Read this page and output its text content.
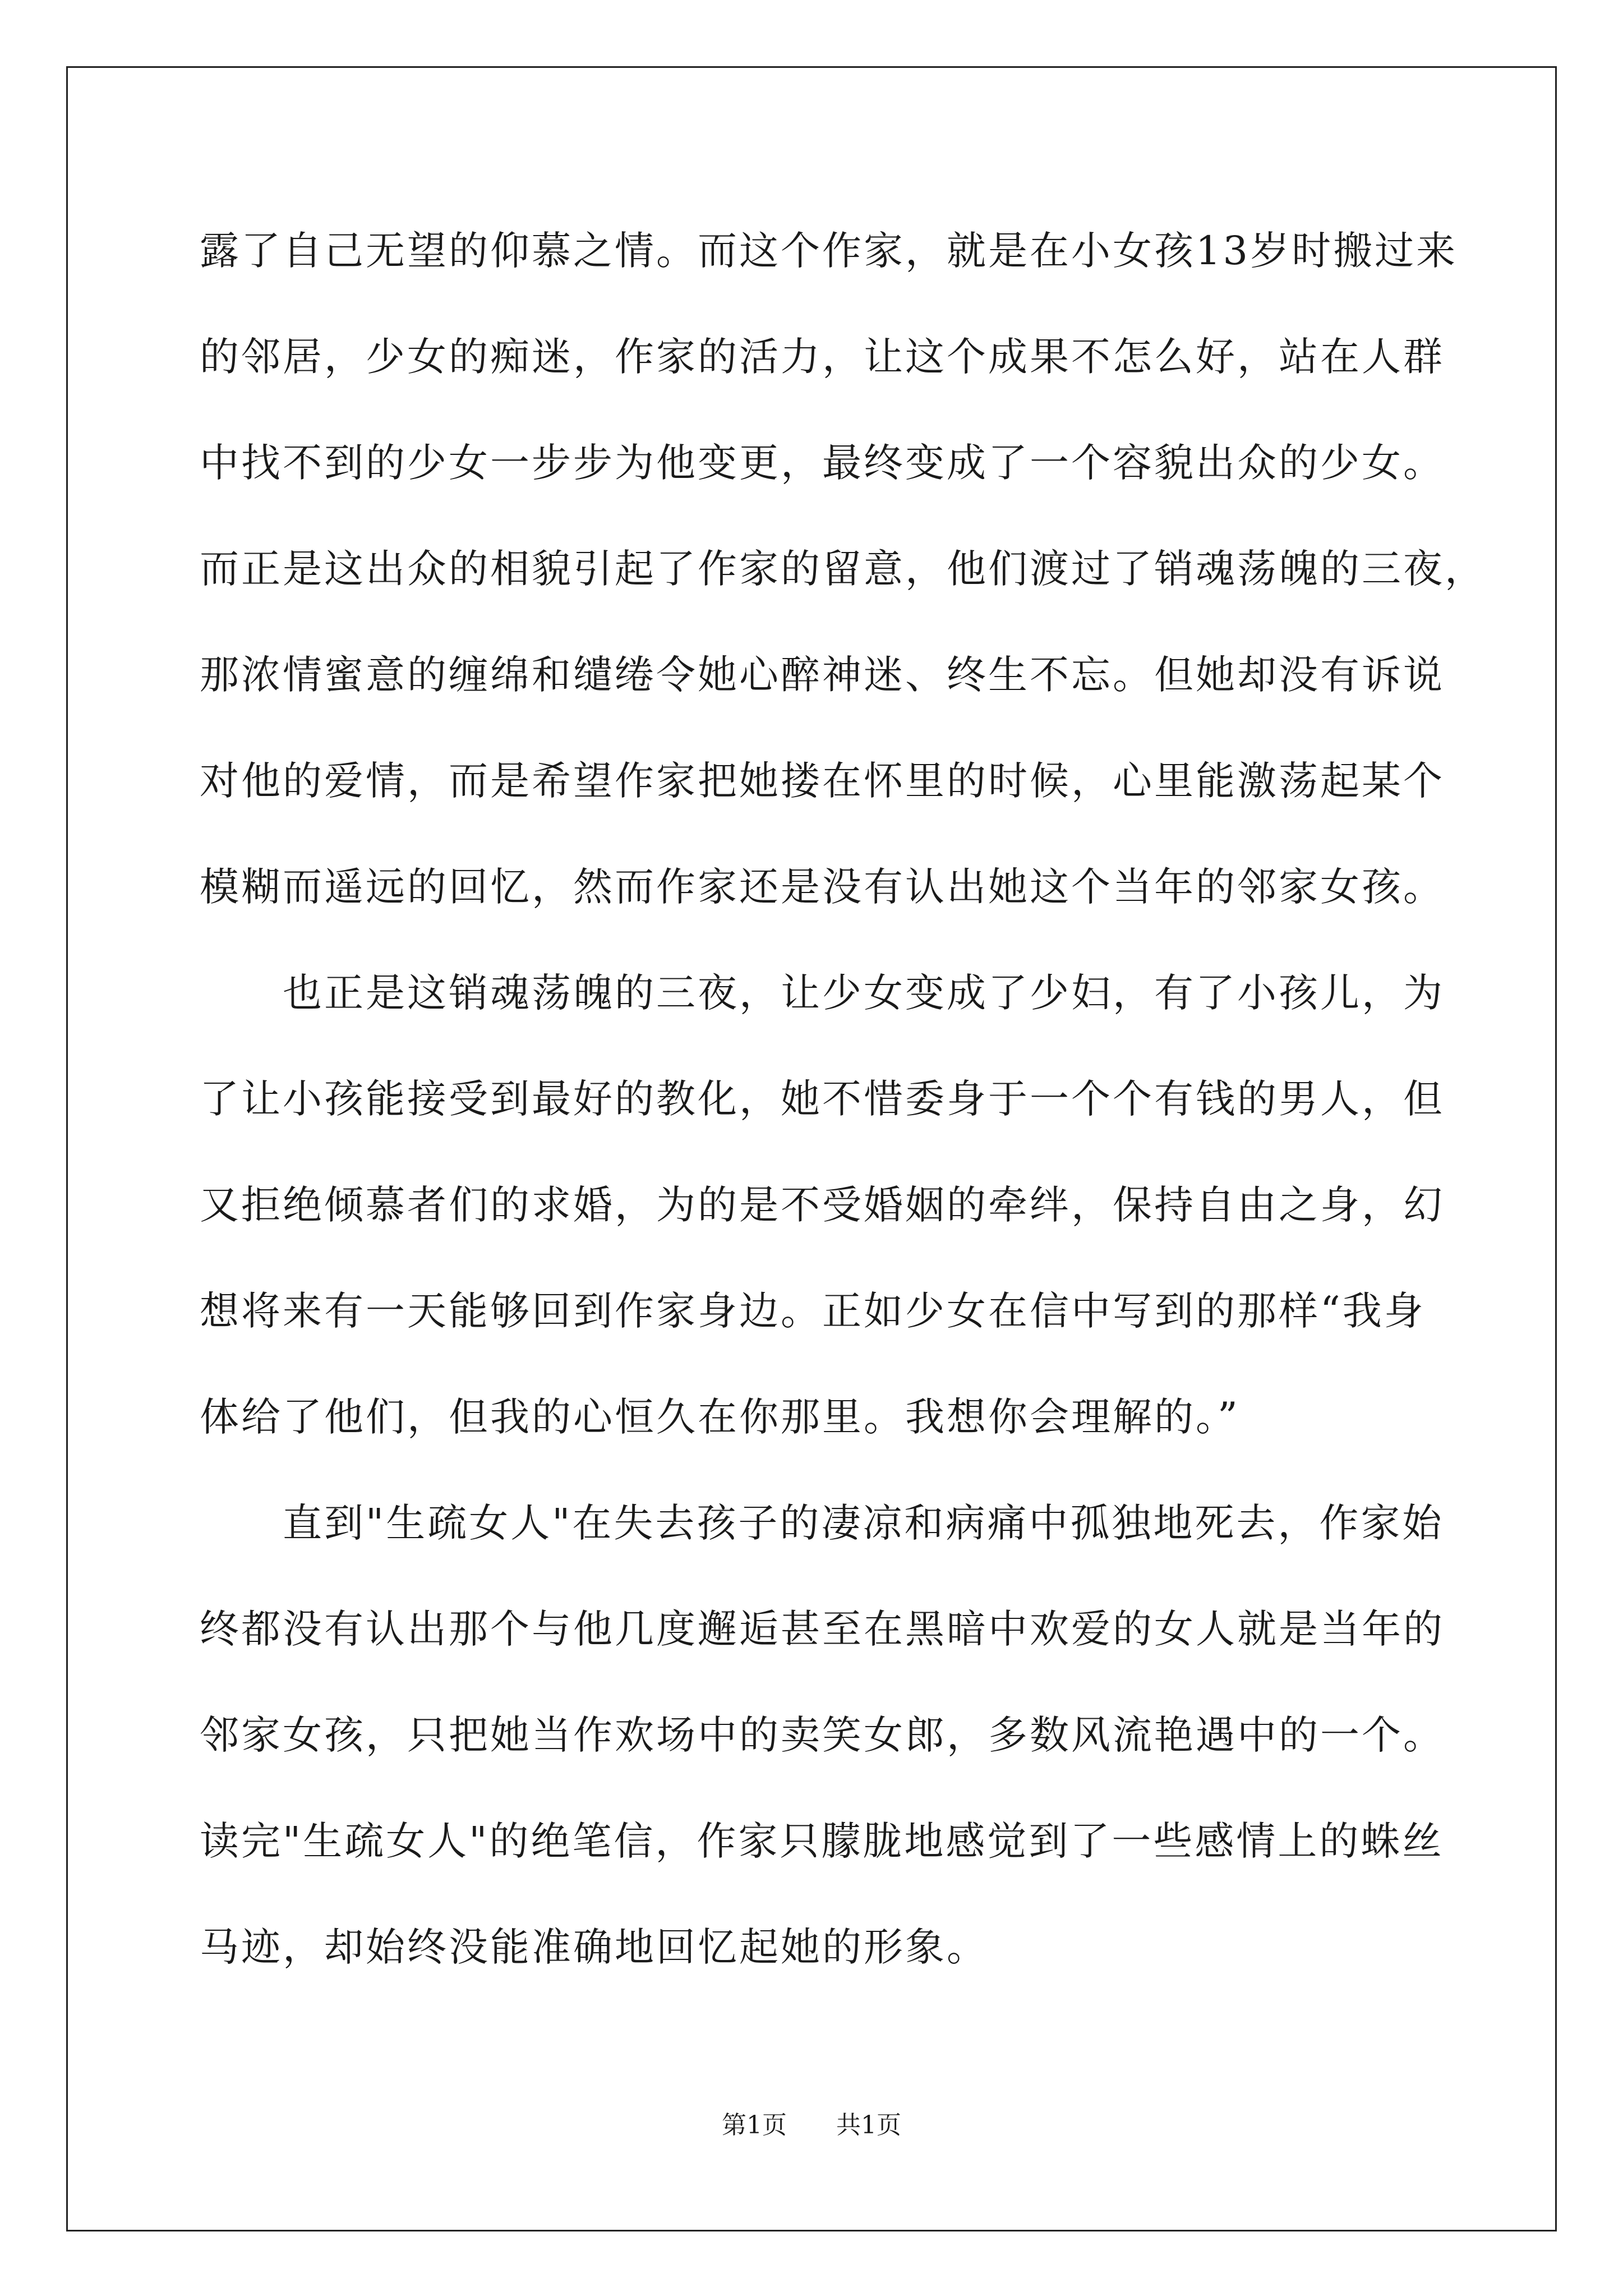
露了自己无望的仰慕之情。而这个作家，就是在小女孩13岁时搬过来
的邻居，少女的痴迷，作家的活力，让这个成果不怎么好，站在人群
中找不到的少女一步步为他变更，最终变成了一个容貌出众的少女。
而正是这出众的相貌引起了作家的留意，他们渡过了销魂荡魄的三夜，
那浓情蜜意的缠绵和缱绻令她心醉神迷、终生不忘。但她却没有诉说
对他的爱情，而是希望作家把她搂在怀里的时候，心里能激荡起某个
模糊而遥远的回忆，然而作家还是没有认出她这个当年的邻家女孩。
也正是这销魂荡魄的三夜，让少女变成了少妇，有了小孩儿，为
了让小孩能接受到最好的教化，她不惜委身于一个个有钱的男人，但
又拒绝倾慕者们的求婚，为的是不受婚姻的牵绊，保持自由之身，幻
想将来有一天能够回到作家身边。正如少女在信中写到的那样“我身
体给了他们，但我的心恒久在你那里。我想你会理解的。”
直到"生疏女人"在失去孩子的凄凉和病痛中孤独地死去，作家始
终都没有认出那个与他几度邂逅甚至在黑暗中欢爱的女人就是当年的
邻家女孩，只把她当作欢场中的卖笑女郎，多数风流艳遇中的一个。
读完"生疏女人"的绝笔信，作家只朦胧地感觉到了一些感情上的蛛丝
马迹，却始终没能准确地回忆起她的形象。
第1页 共1页
